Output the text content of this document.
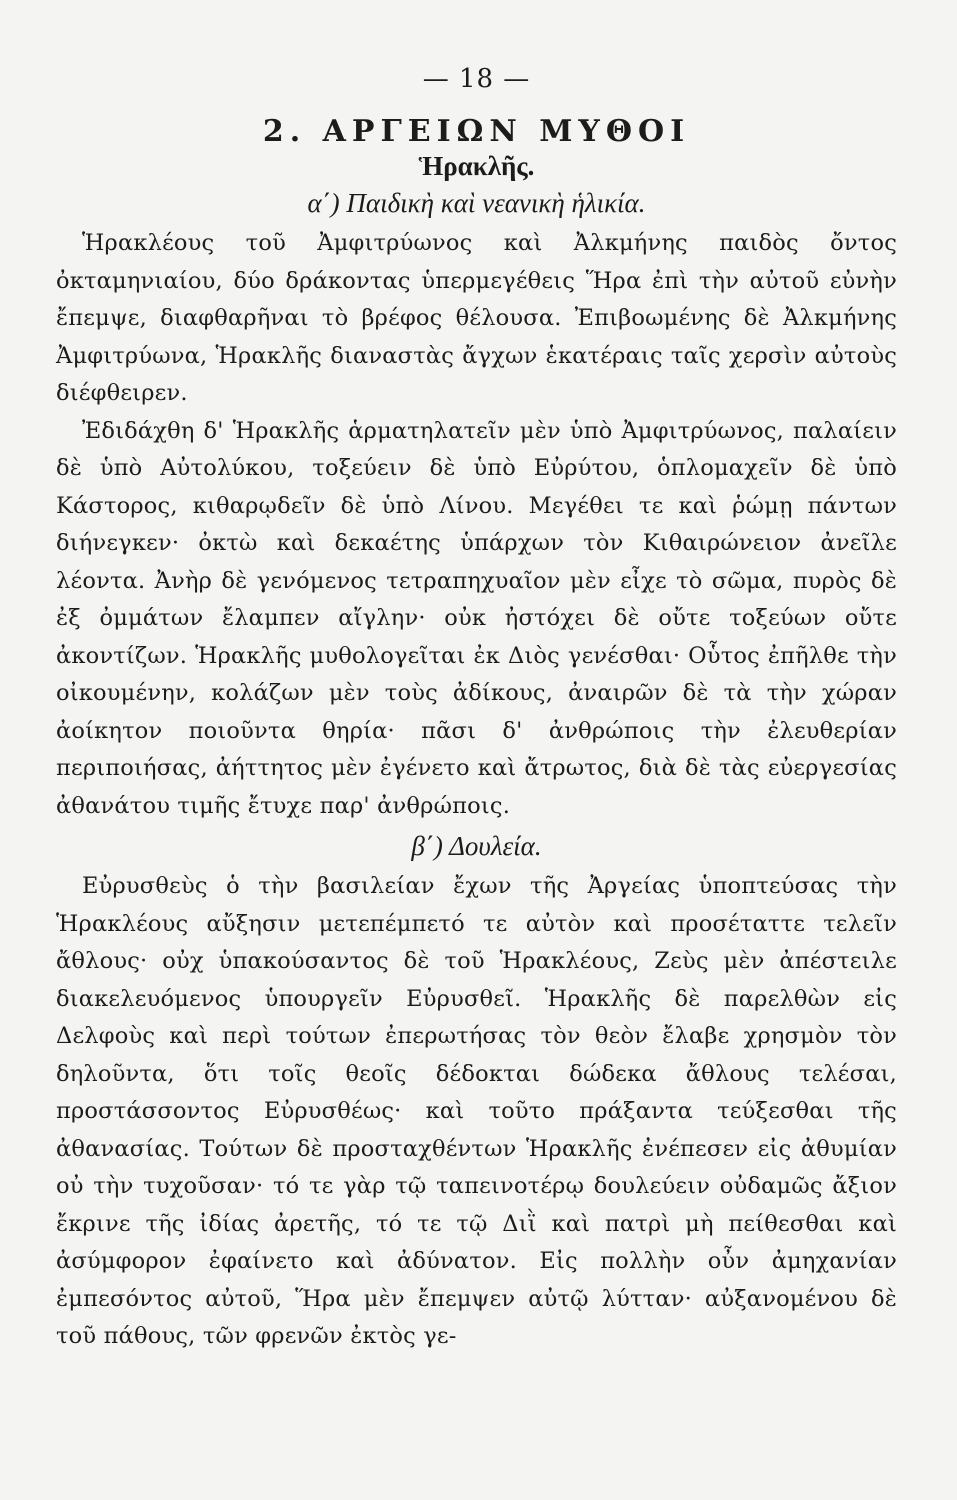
— 18 —
2. ΑΡΓΕΙΩΝ ΜΥΘΟΙ
Ἡρακλῆς.
α΄) Παιδικὴ καὶ νεανικὴ ἡλικία.

Ἡρακλέους τοῦ Ἀμφιτρύωνος καὶ Ἀλκμήνης παιδὸς ὄντος ὀκταμηνιαίου, δύο δράκοντας ὑπερμεγέθεις Ἥρα ἐπὶ τὴν αὐτοῦ εὐνὴν ἔπεμψε, διαφθαρῆναι τὸ βρέφος θέλουσα. Ἐπιβοωμένης δὲ Ἀλκμήνης Ἀμφιτρύωνα, Ἡρακλῆς διαναστὰς ἄγχων ἑκατέραις ταῖς χερσὶν αὐτοὺς διέφθειρεν.

Ἐδιδάχθη δ' Ἡρακλῆς ἁρματηλατεῖν μὲν ὑπὸ Ἀμφιτρύωνος, παλαίειν δὲ ὑπὸ Αὐτολύκου, τοξεύειν δὲ ὑπὸ Εὐρύτου, ὁπλομαχεῖν δὲ ὑπὸ Κάστορος, κιθαρῳδεῖν δὲ ὑπὸ Λίνου. Μεγέθει τε καὶ ῥώμῃ πάντων διήνεγκεν· ὀκτὼ καὶ δεκαέτης ὑπάρχων τὸν Κιθαιρώνειον ἀνεῖλε λέοντα. Ἀνὴρ δὲ γενόμενος τετραπηχυαῖον μὲν εἶχε τὸ σῶμα, πυρὸς δὲ ἐξ ὀμμάτων ἔλαμπεν αἴγλην· οὐκ ἠστόχει δὲ οὔτε τοξεύων οὔτε ἀκοντίζων. Ἡρακλῆς μυθολογεῖται ἐκ Διὸς γενέσθαι· Οὗτος ἐπῆλθε τὴν οἰκουμένην, κολάζων μὲν τοὺς ἀδίκους, ἀναιρῶν δὲ τὰ τὴν χώραν ἀοίκητον ποιοῦντα θηρία· πᾶσι δ' ἀνθρώποις τὴν ἐλευθερίαν περιποιήσας, ἀήττητος μὲν ἐγένετο καὶ ἄτρωτος, διὰ δὲ τὰς εὐεργεσίας ἀθανάτου τιμῆς ἔτυχε παρ' ἀνθρώποις.

β΄) Δουλεία.

Εὐρυσθεὺς ὁ τὴν βασιλείαν ἔχων τῆς Ἀργείας ὑποπτεύσας τὴν Ἡρακλέους αὔξησιν μετεπέμπετό τε αὐτὸν καὶ προσέταττε τελεῖν ἄθλους· οὐχ ὑπακούσαντος δὲ τοῦ Ἡρακλέους, Ζεὺς μὲν ἀπέστειλε διακελευόμενος ὑπουργεῖν Εὐρυσθεῖ. Ἡρακλῆς δὲ παρελθὼν εἰς Δελφοὺς καὶ περὶ τούτων ἐπερωτήσας τὸν θεὸν ἔλαβε χρησμὸν τὸν δηλοῦντα, ὅτι τοῖς θεοῖς δέδοκται δώδεκα ἄθλους τελέσαι, προστάσσοντος Εὐρυσθέως· καὶ τοῦτο πράξαντα τεύξεσθαι τῆς ἀθανασίας. Τούτων δὲ προσταχθέντων Ἡρακλῆς ἐνέπεσεν εἰς ἀθυμίαν οὐ τὴν τυχοῦσαν· τό τε γὰρ τῷ ταπεινοτέρῳ δουλεύειν οὐδαμῶς ἄξιον ἔκρινε τῆς ἰδίας ἀρετῆς, τό τε τῷ Διῒ καὶ πατρὶ μὴ πείθεσθαι καὶ ἀσύμφορον ἐφαίνετο καὶ ἀδύνατον. Εἰς πολλὴν οὖν ἀμηχανίαν ἐμπεσόντος αὐτοῦ, Ἥρα μὲν ἔπεμψεν αὐτῷ λύτταν· αὐξανομένου δὲ τοῦ πάθους, τῶν φρενῶν ἐκτὸς γε-
